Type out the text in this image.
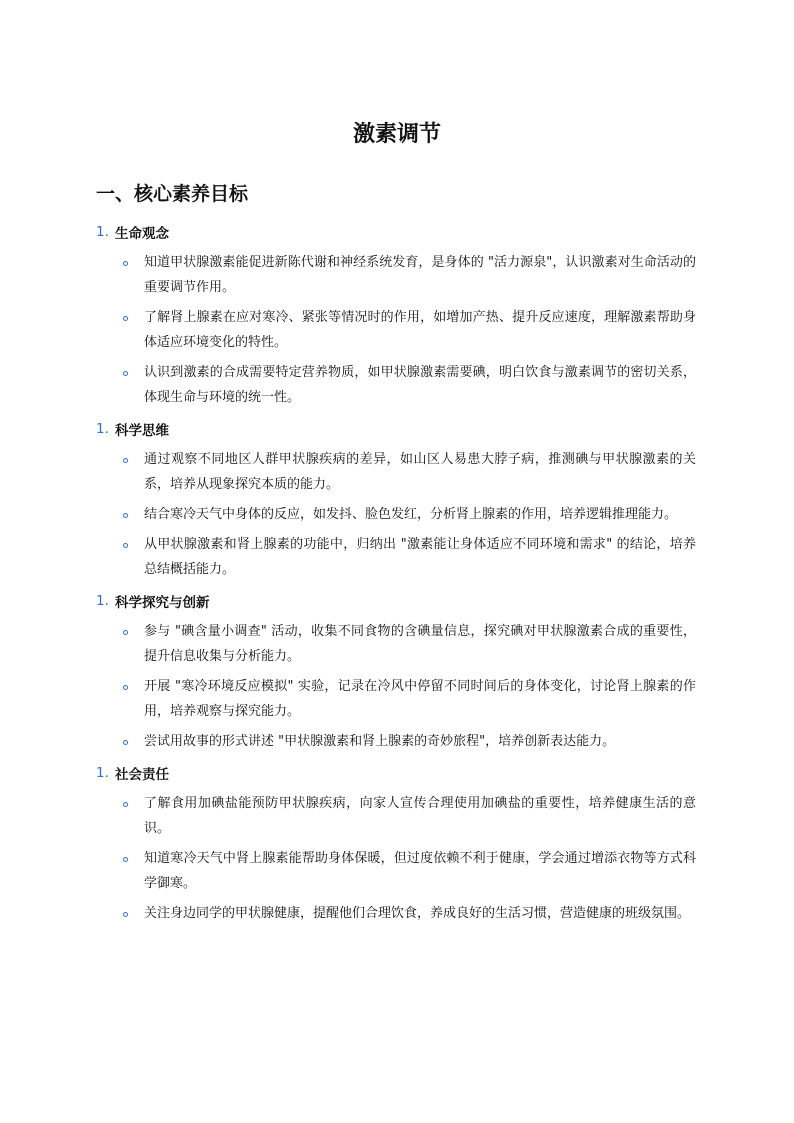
激素调节
一、核心素养目标
1. 生命观念
知道甲状腺激素能促进新陈代谢和神经系统发育，是身体的 "活力源泉"，认识激素对生命活动的重要调节作用。
了解肾上腺素在应对寒冷、紧张等情况时的作用，如增加产热、提升反应速度，理解激素帮助身体适应环境变化的特性。
认识到激素的合成需要特定营养物质，如甲状腺激素需要碘，明白饮食与激素调节的密切关系，体现生命与环境的统一性。
1. 科学思维
通过观察不同地区人群甲状腺疾病的差异，如山区人易患大脖子病，推测碘与甲状腺激素的关系，培养从现象探究本质的能力。
结合寒冷天气中身体的反应，如发抖、脸色发红，分析肾上腺素的作用，培养逻辑推理能力。
从甲状腺激素和肾上腺素的功能中，归纳出 "激素能让身体适应不同环境和需求" 的结论，培养总结概括能力。
1. 科学探究与创新
参与 "碘含量小调查" 活动，收集不同食物的含碘量信息，探究碘对甲状腺激素合成的重要性，提升信息收集与分析能力。
开展 "寒冷环境反应模拟" 实验，记录在冷风中停留不同时间后的身体变化，讨论肾上腺素的作用，培养观察与探究能力。
尝试用故事的形式讲述 "甲状腺激素和肾上腺素的奇妙旅程"，培养创新表达能力。
1. 社会责任
了解食用加碘盐能预防甲状腺疾病，向家人宣传合理使用加碘盐的重要性，培养健康生活的意识。
知道寒冷天气中肾上腺素能帮助身体保暖，但过度依赖不利于健康，学会通过增添衣物等方式科学御寒。
关注身边同学的甲状腺健康，提醒他们合理饮食，养成良好的生活习惯，营造健康的班级氛围。
